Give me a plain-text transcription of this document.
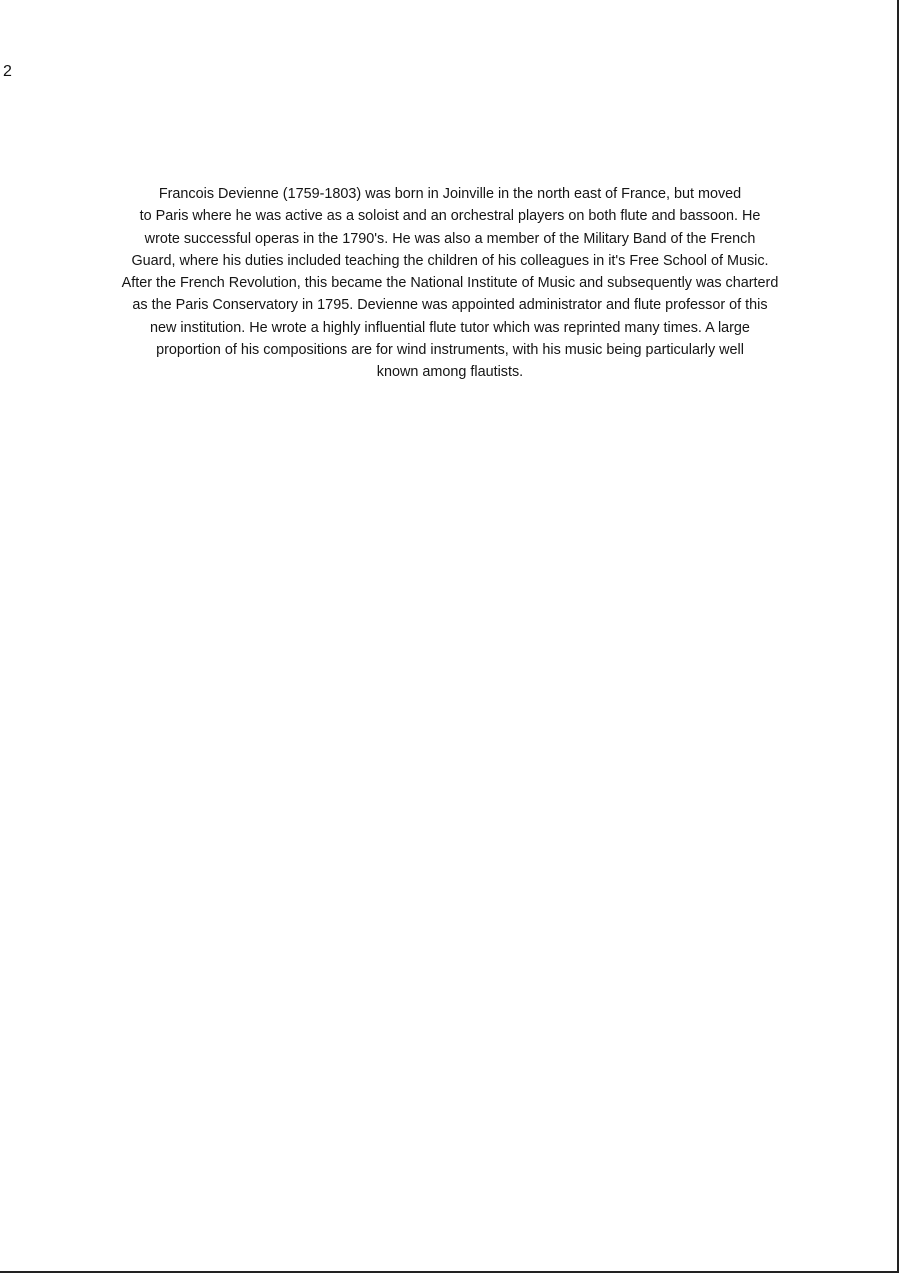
2
Francois Devienne (1759-1803) was born in Joinville in the north east of France, but moved
to Paris where he was active as a soloist and an orchestral players on both flute and bassoon. He
wrote successful operas in the 1790's. He was also a member of the Military Band of the French
Guard, where his duties included teaching the children of his colleagues in it's Free School of Music.
After the French Revolution, this became the National Institute of Music and subsequently was charterd
as the Paris Conservatory in 1795. Devienne was appointed administrator and flute professor of this
new institution. He wrote a highly influential flute tutor which was reprinted many times. A large
proportion of his compositions are for wind instruments, with his music being particularly well
known among flautists.
